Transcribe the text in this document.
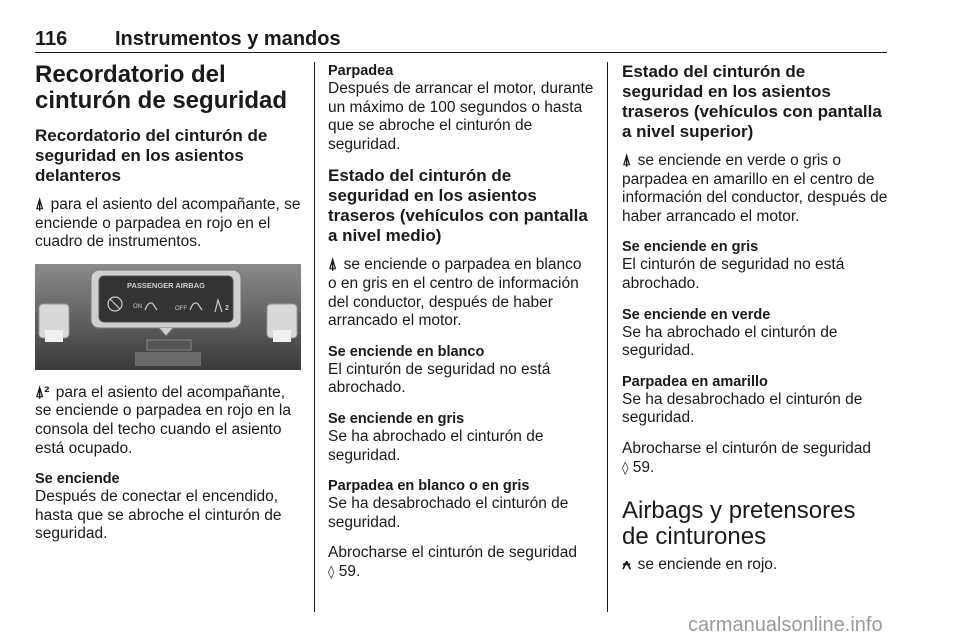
116 Instrumentos y mandos
Recordatorio del cinturón de seguridad
Recordatorio del cinturón de seguridad en los asientos delanteros

⍋ para el asiento del acompañante, se enciende o parpadea en rojo en el cuadro de instrumentos.

PASSENGER AIRBAG
ON	OFF	2

⍋² para el asiento del acompañante, se enciende o parpadea en rojo en la consola del techo cuando el asiento está ocupado.

Se enciende

Después de conectar el encendido, hasta que se abroche el cinturón de seguridad.

Parpadea

Después de arrancar el motor, durante un máximo de 100 segundos o hasta que se abroche el cinturón de seguridad.

Estado del cinturón de seguridad en los asientos traseros (vehículos con pantalla a nivel medio)

⍋ se enciende o parpadea en blanco o en gris en el centro de información del conductor, después de haber arrancado el motor.

Se enciende en blanco

El cinturón de seguridad no está abrochado.

Se enciende en gris

Se ha abrochado el cinturón de seguridad.

Parpadea en blanco o en gris

Se ha desabrochado el cinturón de seguridad.

Abrocharse el cinturón de seguridad
◊ 59.

Estado del cinturón de seguridad en los asientos traseros (vehículos con pantalla a nivel superior)

⍋ se enciende en verde o gris o parpadea en amarillo en el centro de información del conductor, después de haber arrancado el motor.

Se enciende en gris

El cinturón de seguridad no está abrochado.

Se enciende en verde

Se ha abrochado el cinturón de seguridad.

Parpadea en amarillo

Se ha desabrochado el cinturón de seguridad.

Abrocharse el cinturón de seguridad
◊ 59.

Airbags y pretensores de cinturones

⍲ se enciende en rojo.

carmanualsonline.info
